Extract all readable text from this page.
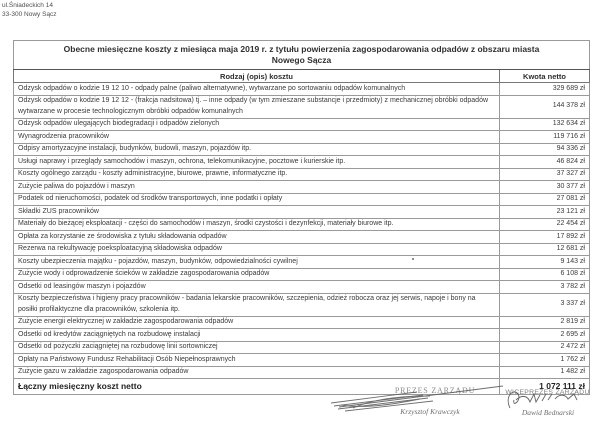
ul.Śniadeckich 14
33-300 Nowy Sącz
Obecne miesięczne koszty z miesiąca maja 2019 r. z tytułu powierzenia zagospodarowania odpadów z obszaru miasta
Nowego Sącza	

Rodzaj (opis) kosztu	Kwota netto
Odzysk odpadów o kodzie 19 12 10 - odpady palne (paliwo alternatywne), wytwarzane po sortowaniu odpadów komunalnych	329 689 zł
Odzysk odpadów o kodzie 19 12 12 - (frakcja nadsitowa) tj. – inne odpady (w tym zmieszane substancje i przedmioty) z mechanicznej obróbki odpadów wytwarzane w procesie technologicznym obróbki odpadów komunalnych	144 378 zł
Odzysk odpadów ulegających biodegradacji i odpadów zielonych	132 634 zł
Wynagrodzenia pracowników	119 716 zł
Odpisy amortyzacyjne instalacji, budynków, budowli, maszyn, pojazdów itp.	94 336 zł
Usługi naprawy i przeglądy samochodów i maszyn, ochrona, telekomunikacyjne, pocztowe i kurierskie itp.	46 824 zł
Koszty ogólnego zarządu - koszty administracyjne, biurowe, prawne, informatyczne itp.	37 327 zł
Zużycie paliwa do pojazdów i maszyn	30 377 zł
Podatek od nieruchomości, podatek od środków transportowych, inne podatki i opłaty	27 081 zł
Składki ZUS pracowników	23 121 zł
Materiały do bieżącej eksploatacji - części do samochodów i maszyn, środki czystości i dezynfekcji, materiały biurowe itp.	22 454 zł
Opłata za korzystanie ze środowiska z tytułu składowania odpadów	17 892 zł
Rezerwa na rekultywację poeksploatacyjną składowiska odpadów	12 681 zł
Koszty ubezpieczenia majątku - pojazdów, maszyn, budynków, odpowiedzialności cywilnej	9 143 zł
Zużycie wody i odprowadzenie ścieków w zakładzie zagospodarowania odpadów	6 108 zł
Odsetki od leasingów maszyn i pojazdów	3 782 zł
Koszty bezpieczeństwa i higieny pracy pracowników - badania lekarskie pracowników, szczepienia, odzież robocza oraz jej serwis, napoje i bony na posiłki profilaktyczne dla pracowników, szkolenia itp.	3 337 zł
Zużycie energii elektrycznej w zakładzie zagospodarowania odpadów	2 819 zł
Odsetki od kredytów zaciągniętych na rozbudowę instalacji	2 695 zł
Odsetki od pożyczki zaciągniętej na rozbudowę linii sortowniczej	2 472 zł
Opłaty na Państwowy Fundusz Rehabilitacji Osób Niepełnosprawnych	1 762 zł
Zużycie gazu w zakładzie zagospodarowania odpadów	1 482 zł
Łączny miesięczny koszt netto	1 072 111 zł
PREZES ZARZĄDU
Krzysztof Krawczyk
WICEPREZES ZARZĄDU
Dawid Bednarski
